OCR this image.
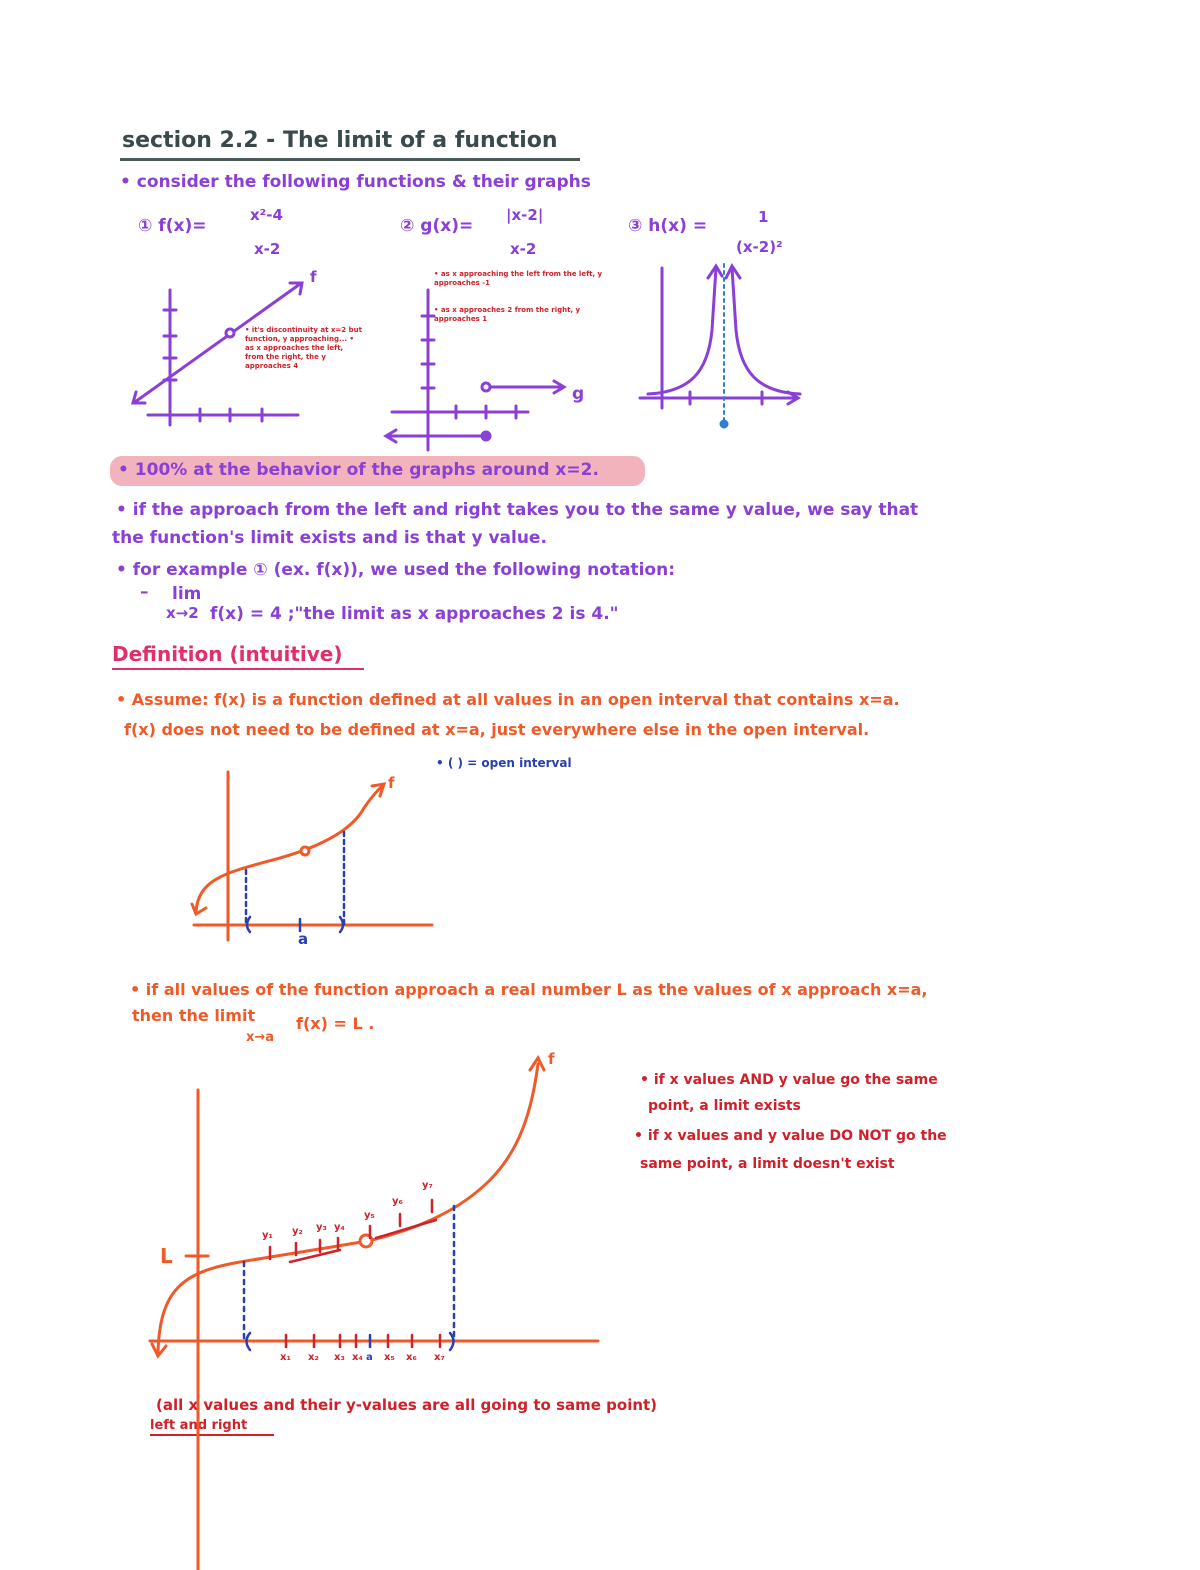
section 2.2 - The limit of a function
• consider the following functions & their graphs
① f(x)=
x²-4
x-2
② g(x)=
|x-2|
x-2
③ h(x) =	1
(x-2)²
• it's discontinuity at x=2 but function, y approaching... • as x approaches the left, from the right, the y approaches 4
• as x approaching the left from the left, y approaches -1
• as x approaches 2 from the right, y approaches 1
f
g
• 100% at the behavior of the graphs around x=2.
• if the approach from the left and right takes you to the same y value, we say that
the function's limit exists and is that y value.
• for example ① (ex. f(x)), we used the following notation:
– lim
x→2 f(x) = 4 ;"the limit as x approaches 2 is 4."
Definition (intuitive)
• Assume: f(x) is a function defined at all values in an open interval that contains x=a.
f(x) does not need to be defined at x=a, just everywhere else in the open interval.
• ( ) = open interval
f
a
• if all values of the function approach a real number L as the values of x approach x=a,
then the limit	f(x) = L .
x→a
f
L
y₁ y₂ y₃ y₄
y₅
y₆
y₇
x₁ x₂ x₃ x₄ a x₅ x₆ x₇
• if x values AND y value go the same
point, a limit exists
• if x values and y value DO NOT go the
same point, a limit doesn't exist
(all x values and their y-values are all going to same point)
left and right
